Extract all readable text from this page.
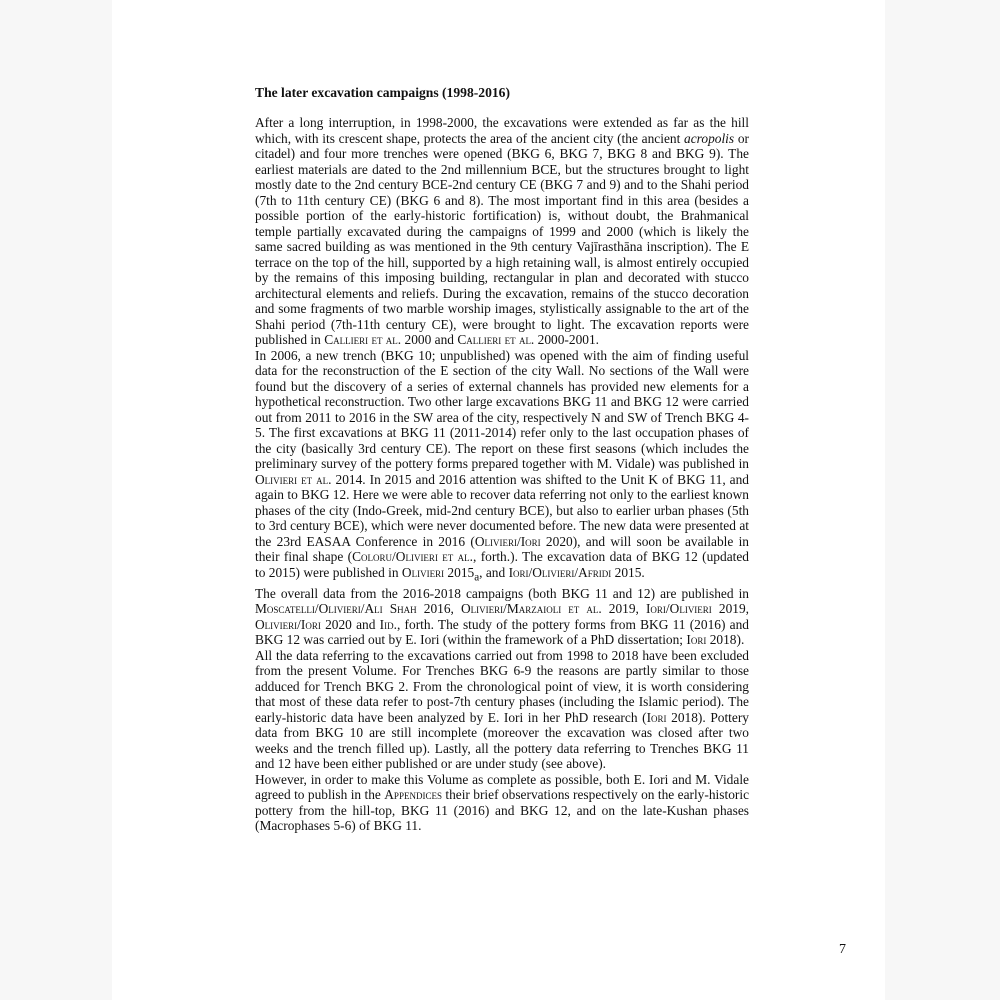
The later excavation campaigns (1998-2016)

After a long interruption, in 1998-2000, the excavations were extended as far as the hill which, with its crescent shape, protects the area of the ancient city (the ancient acropolis or citadel) and four more trenches were opened (BKG 6, BKG 7, BKG 8 and BKG 9). The earliest materials are dated to the 2nd millennium BCE, but the structures brought to light mostly date to the 2nd century BCE-2nd century CE (BKG 7 and 9) and to the Shahi period (7th to 11th century CE) (BKG 6 and 8). The most important find in this area (besides a possible portion of the early-historic fortification) is, without doubt, the Brahmanical temple partially excavated during the campaigns of 1999 and 2000 (which is likely the same sacred building as was mentioned in the 9th century Vajīrasthāna inscription). The E terrace on the top of the hill, supported by a high retaining wall, is almost entirely occupied by the remains of this imposing building, rectangular in plan and decorated with stucco architectural elements and reliefs. During the excavation, remains of the stucco decoration and some fragments of two marble worship images, stylistically assignable to the art of the Shahi period (7th-11th century CE), were brought to light. The excavation reports were published in Callieri et al. 2000 and Callieri et al. 2000-2001.

In 2006, a new trench (BKG 10; unpublished) was opened with the aim of finding useful data for the reconstruction of the E section of the city Wall. No sections of the Wall were found but the discovery of a series of external channels has provided new elements for a hypothetical reconstruction. Two other large excavations BKG 11 and BKG 12 were carried out from 2011 to 2016 in the SW area of the city, respectively N and SW of Trench BKG 4-5. The first excavations at BKG 11 (2011-2014) refer only to the last occupation phases of the city (basically 3rd century CE). The report on these first seasons (which includes the preliminary survey of the pottery forms prepared together with M. Vidale) was published in Olivieri et al. 2014. In 2015 and 2016 attention was shifted to the Unit K of BKG 11, and again to BKG 12. Here we were able to recover data referring not only to the earliest known phases of the city (Indo-Greek, mid-2nd century BCE), but also to earlier urban phases (5th to 3rd century BCE), which were never documented before. The new data were presented at the 23rd EASAA Conference in 2016 (Olivieri/Iori 2020), and will soon be available in their final shape (Coloru/Olivieri et al., forth.). The excavation data of BKG 12 (updated to 2015) were published in Olivieri $2015_a$, and Iori/Olivieri/Afridi 2015.

The overall data from the 2016-2018 campaigns (both BKG 11 and 12) are published in Moscatelli/Olivieri/Ali Shah 2016, Olivieri/Marzaioli et al. 2019, Iori/Olivieri 2019, Olivieri/Iori 2020 and Iid., forth. The study of the pottery forms from BKG 11 (2016) and BKG 12 was carried out by E. Iori (within the framework of a PhD dissertation; Iori 2018).

All the data referring to the excavations carried out from 1998 to 2018 have been excluded from the present Volume. For Trenches BKG 6-9 the reasons are partly similar to those adduced for Trench BKG 2. From the chronological point of view, it is worth considering that most of these data refer to post-7th century phases (including the Islamic period). The early-historic data have been analyzed by E. Iori in her PhD research (Iori 2018). Pottery data from BKG 10 are still incomplete (moreover the excavation was closed after two weeks and the trench filled up). Lastly, all the pottery data referring to Trenches BKG 11 and 12 have been either published or are under study (see above).

However, in order to make this Volume as complete as possible, both E. Iori and M. Vidale agreed to publish in the Appendices their brief observations respectively on the early-historic pottery from the hill-top, BKG 11 (2016) and BKG 12, and on the late-Kushan phases (Macrophases 5-6) of BKG 11.

7
